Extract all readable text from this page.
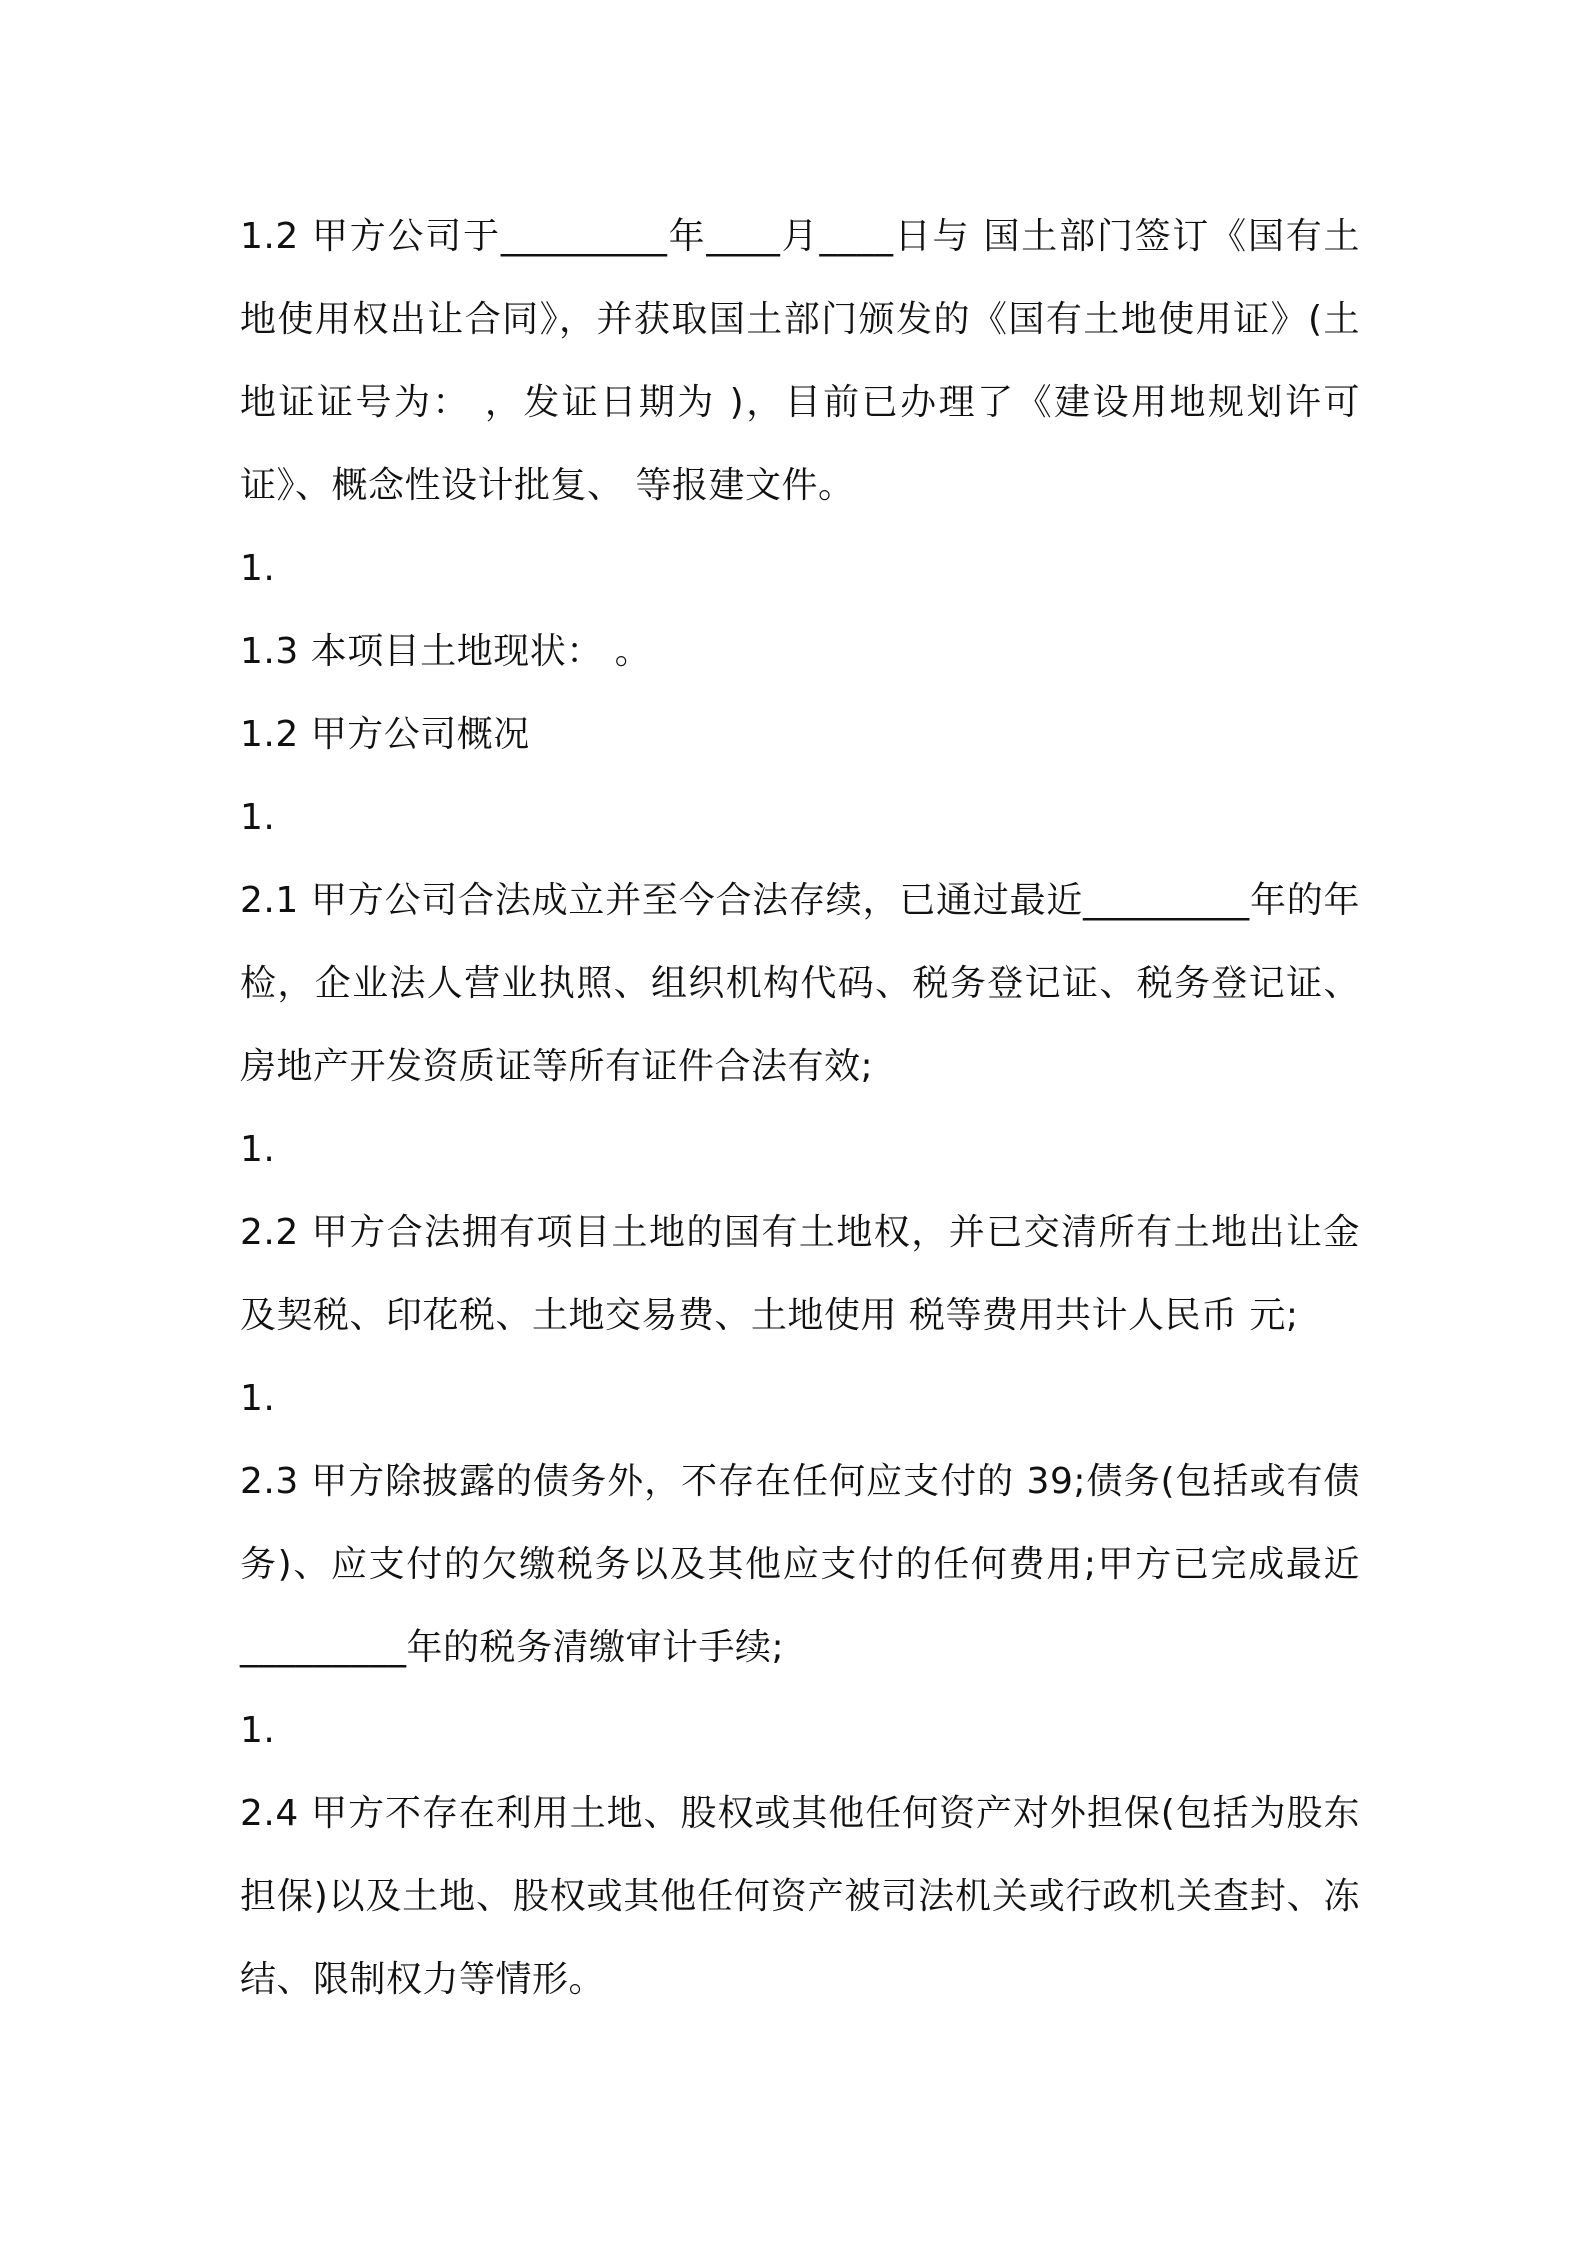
1.2 甲方公司于_________年____月____日与 国土部门签订《国有土地使用权出让合同》，并获取国土部门颁发的《国有土地使用证》(土地证证号为： ，发证日期为 )，目前已办理了《建设用地规划许可证》、概念性设计批复、 等报建文件。

1.

1.3 本项目土地现状： 。

1.2 甲方公司概况

1.

2.1 甲方公司合法成立并至今合法存续，已通过最近_________年的年检，企业法人营业执照、组织机构代码、税务登记证、税务登记证、房地产开发资质证等所有证件合法有效;

1.

2.2 甲方合法拥有项目土地的国有土地权，并已交清所有土地出让金及契税、印花税、土地交易费、土地使用 税等费用共计人民币 元;

1.

2.3 甲方除披露的债务外，不存在任何应支付的 39;债务(包括或有债务)、应支付的欠缴税务以及其他应支付的任何费用;甲方已完成最近_________年的税务清缴审计手续;

1.

2.4 甲方不存在利用土地、股权或其他任何资产对外担保(包括为股东担保)以及土地、股权或其他任何资产被司法机关或行政机关查封、冻结、限制权力等情形。
